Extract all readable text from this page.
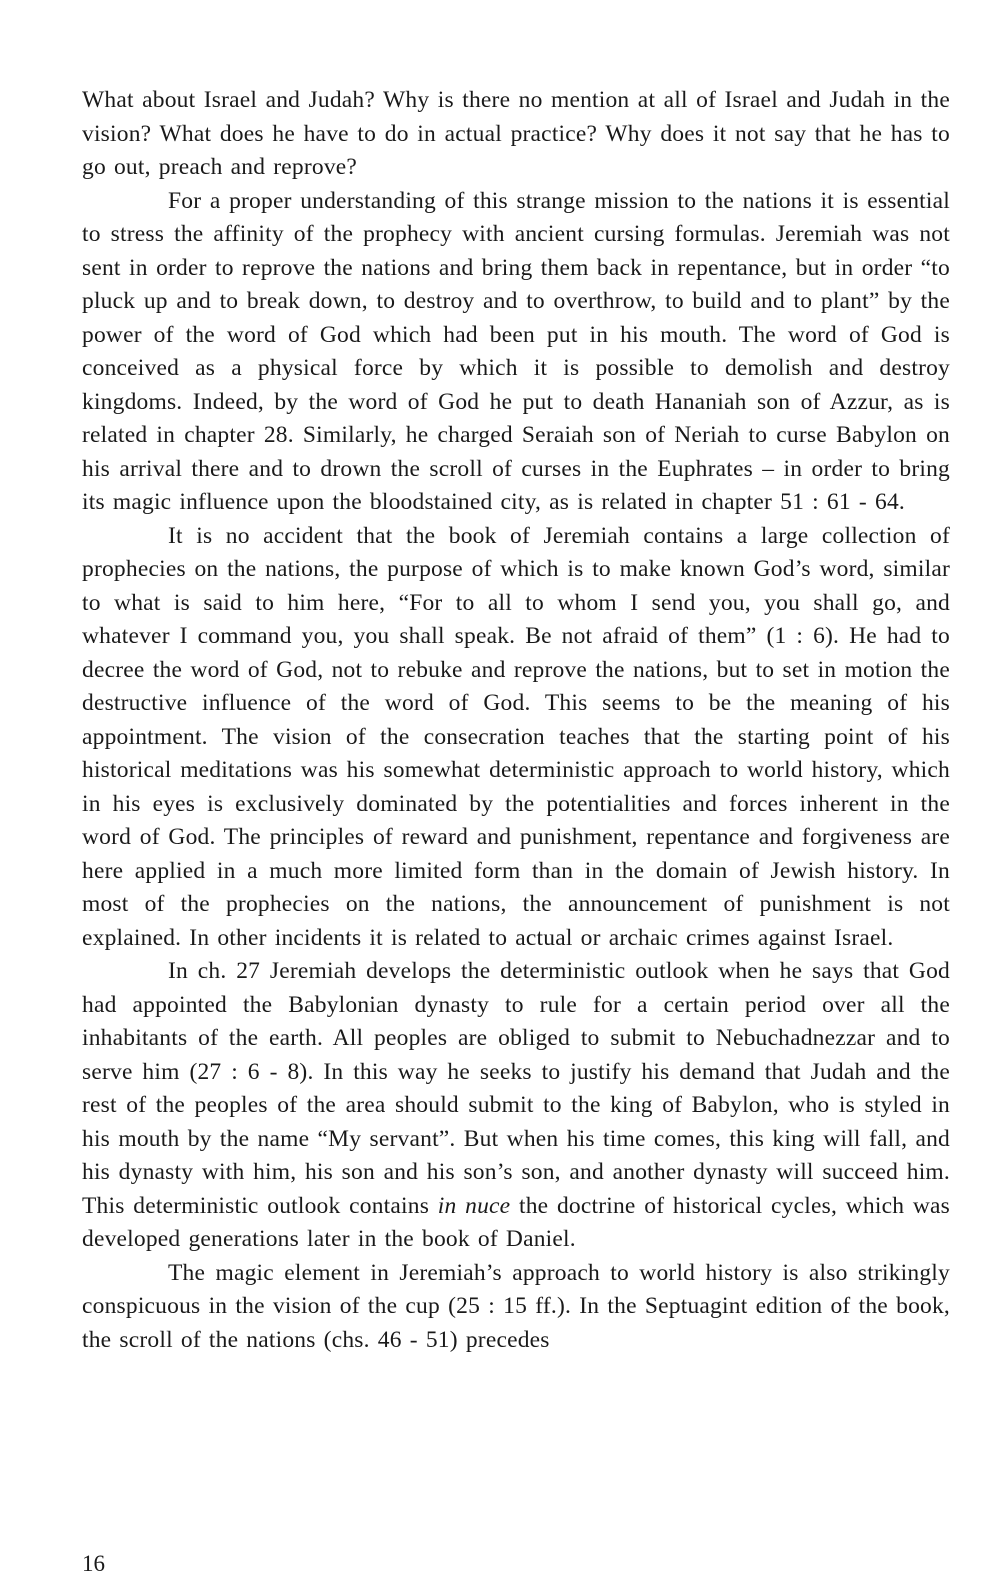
What about Israel and Judah? Why is there no mention at all of Israel and Judah in the vision? What does he have to do in actual practice? Why does it not say that he has to go out, preach and reprove?

For a proper understanding of this strange mission to the nations it is essential to stress the affinity of the prophecy with ancient cursing formulas. Jeremiah was not sent in order to reprove the nations and bring them back in repentance, but in order “to pluck up and to break down, to destroy and to overthrow, to build and to plant” by the power of the word of God which had been put in his mouth. The word of God is conceived as a physical force by which it is possible to demolish and destroy kingdoms. Indeed, by the word of God he put to death Hananiah son of Azzur, as is related in chapter 28. Similarly, he charged Seraiah son of Neriah to curse Babylon on his arrival there and to drown the scroll of curses in the Euphrates – in order to bring its magic influence upon the bloodstained city, as is related in chapter 51 : 61 - 64.

It is no accident that the book of Jeremiah contains a large collection of prophecies on the nations, the purpose of which is to make known God’s word, similar to what is said to him here, “For to all to whom I send you, you shall go, and whatever I command you, you shall speak. Be not afraid of them” (1 : 6). He had to decree the word of God, not to rebuke and reprove the nations, but to set in motion the destructive influence of the word of God. This seems to be the meaning of his appointment. The vision of the consecration teaches that the starting point of his historical meditations was his somewhat deterministic approach to world history, which in his eyes is exclusively dominated by the potentialities and forces inherent in the word of God. The principles of reward and punishment, repentance and forgiveness are here applied in a much more limited form than in the domain of Jewish history. In most of the prophecies on the nations, the announcement of punishment is not explained. In other incidents it is related to actual or archaic crimes against Israel.

In ch. 27 Jeremiah develops the deterministic outlook when he says that God had appointed the Babylonian dynasty to rule for a certain period over all the inhabitants of the earth. All peoples are obliged to submit to Nebuchadnezzar and to serve him (27 : 6 - 8). In this way he seeks to justify his demand that Judah and the rest of the peoples of the area should submit to the king of Babylon, who is styled in his mouth by the name “My servant”. But when his time comes, this king will fall, and his dynasty with him, his son and his son’s son, and another dynasty will succeed him. This deterministic outlook contains in nuce the doctrine of historical cycles, which was developed generations later in the book of Daniel.

The magic element in Jeremiah’s approach to world history is also strikingly conspicuous in the vision of the cup (25 : 15 ff.). In the Septuagint edition of the book, the scroll of the nations (chs. 46 - 51) precedes

16
